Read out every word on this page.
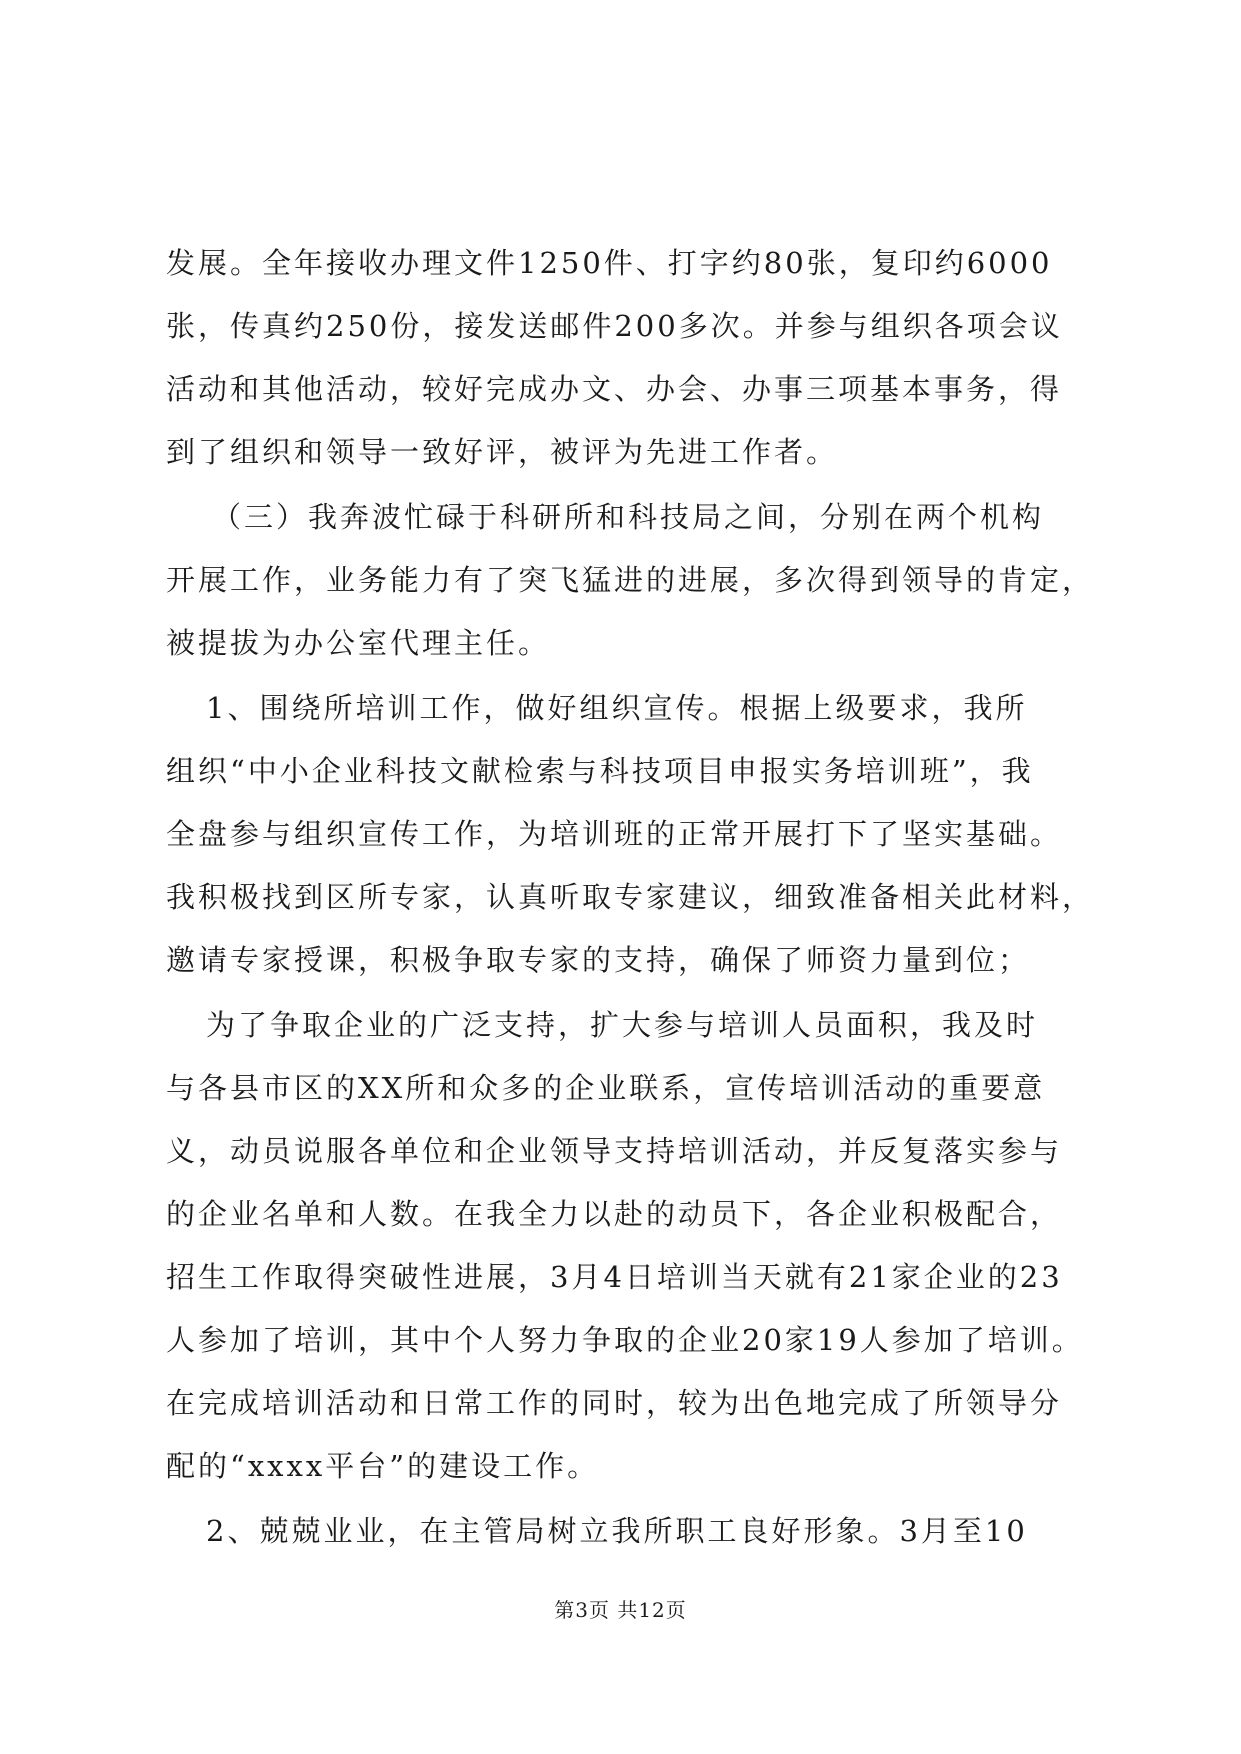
发展。全年接收办理文件1250件、打字约80张，复印约6000
张，传真约250份，接发送邮件200多次。并参与组织各项会议
活动和其他活动，较好完成办文、办会、办事三项基本事务，得
到了组织和领导一致好评，被评为先进工作者。
（三）我奔波忙碌于科研所和科技局之间，分别在两个机构
开展工作，业务能力有了突飞猛进的进展，多次得到领导的肯定，
被提拔为办公室代理主任。
1、围绕所培训工作，做好组织宣传。根据上级要求，我所
组织“中小企业科技文献检索与科技项目申报实务培训班”，我
全盘参与组织宣传工作，为培训班的正常开展打下了坚实基础。
我积极找到区所专家，认真听取专家建议，细致准备相关此材料，
邀请专家授课，积极争取专家的支持，确保了师资力量到位；
为了争取企业的广泛支持，扩大参与培训人员面积，我及时
与各县市区的XX所和众多的企业联系，宣传培训活动的重要意
义，动员说服各单位和企业领导支持培训活动，并反复落实参与
的企业名单和人数。在我全力以赴的动员下，各企业积极配合，
招生工作取得突破性进展，3月4日培训当天就有21家企业的23
人参加了培训，其中个人努力争取的企业20家19人参加了培训。
在完成培训活动和日常工作的同时，较为出色地完成了所领导分
配的“xxxx平台”的建设工作。
2、兢兢业业，在主管局树立我所职工良好形象。3月至10
第3页 共12页
